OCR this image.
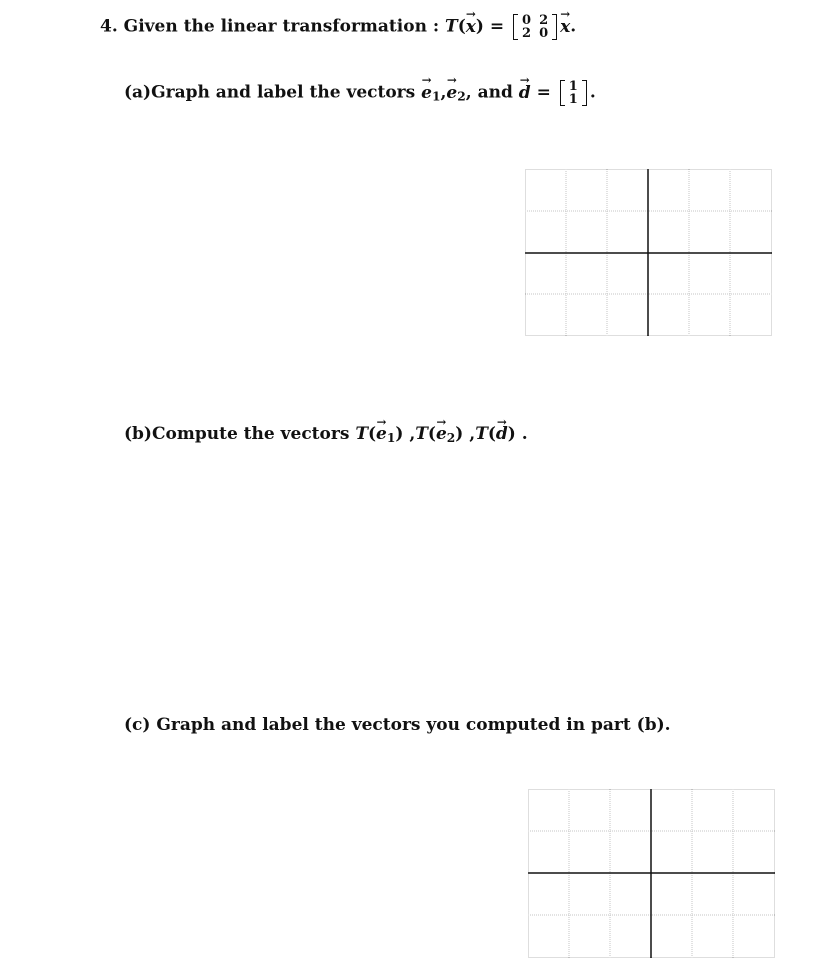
4. Given the linear transformation : T(→ x) = 0	2
2	0 → x.
(a)Graph and label the vectors → $e_1,\to e_2$, and → d = 1
1 .
(b)Compute the vectors $T(\to e_1)$ $,T(\to e_2)$ ,T(→ d) .
(c) Graph and label the vectors you computed in part (b).
